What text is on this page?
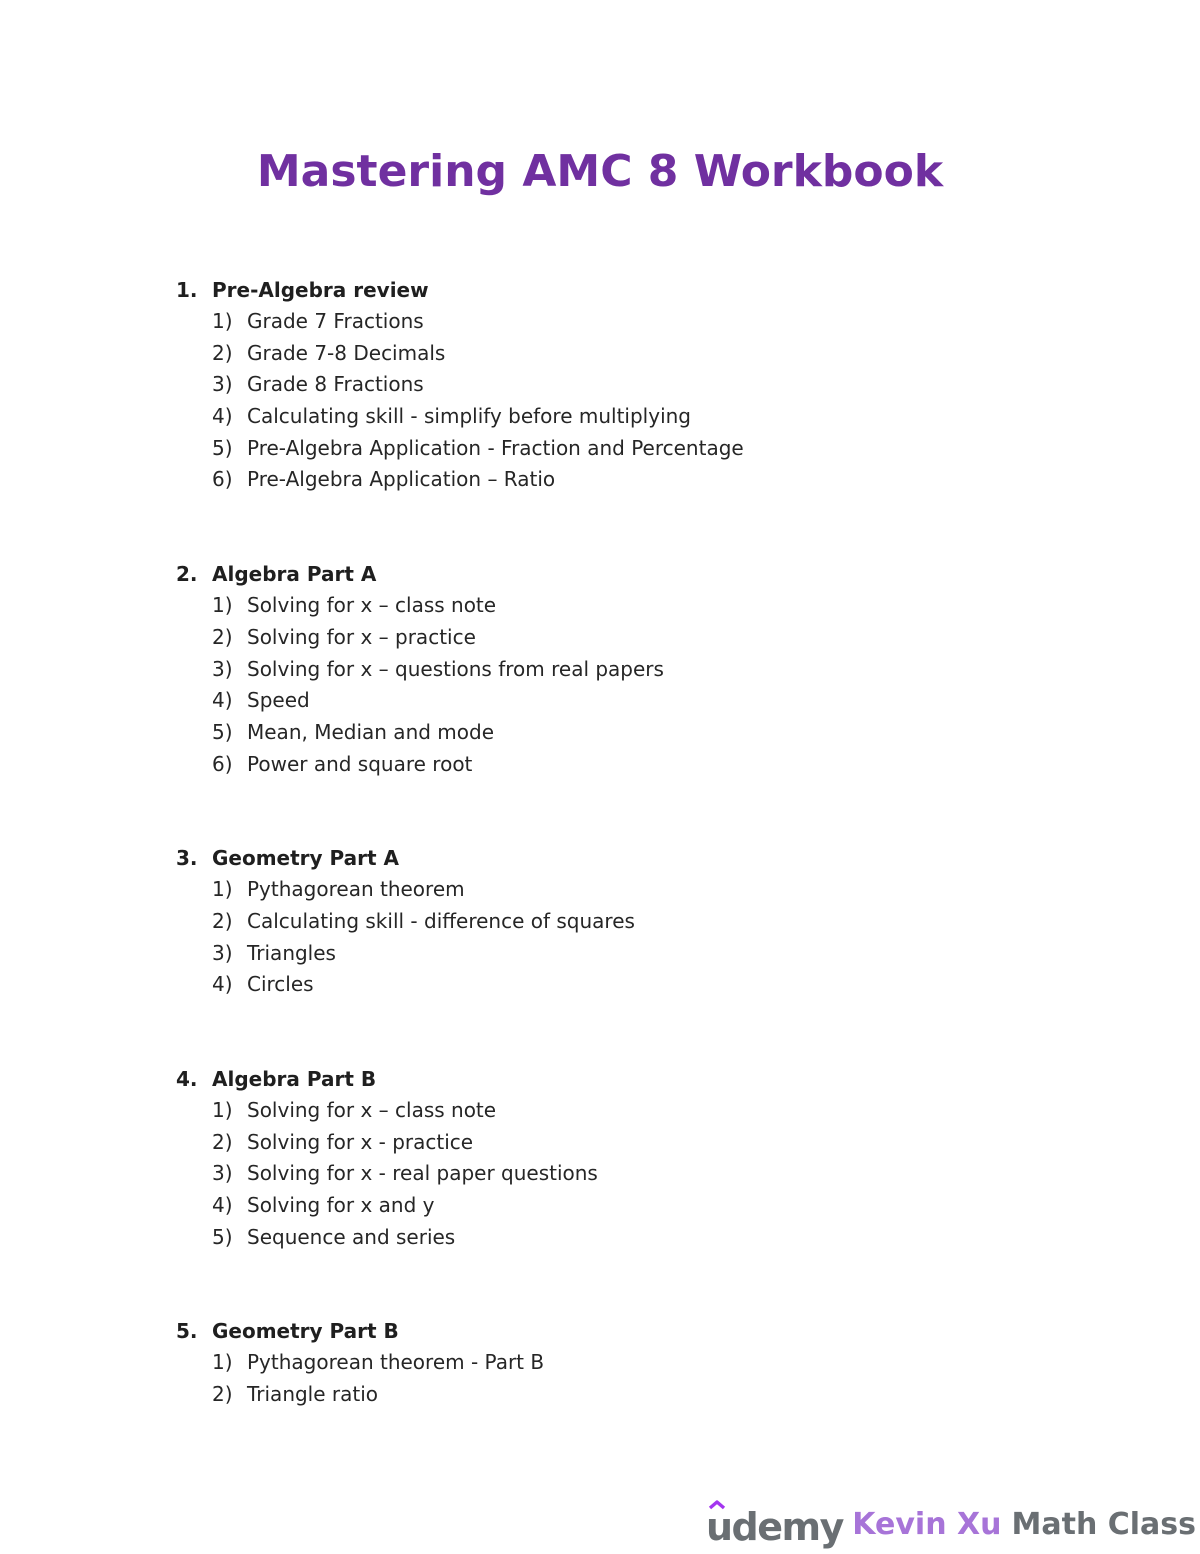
Mastering AMC 8 Workbook
1. Pre-Algebra review
1) Grade 7 Fractions
2) Grade 7-8 Decimals
3) Grade 8 Fractions
4) Calculating skill - simplify before multiplying
5) Pre-Algebra Application - Fraction and Percentage
6) Pre-Algebra Application – Ratio
2. Algebra Part A
1) Solving for x – class note
2) Solving for x – practice
3) Solving for x – questions from real papers
4) Speed
5) Mean, Median and mode
6) Power and square root
3. Geometry Part A
1) Pythagorean theorem
2) Calculating skill - difference of squares
3) Triangles
4) Circles
4. Algebra Part B
1) Solving for x – class note
2) Solving for x - practice
3) Solving for x - real paper questions
4) Solving for x and y
5) Sequence and series
5. Geometry Part B
1) Pythagorean theorem - Part B
2) Triangle ratio
udemy Kevin Xu Math Class
